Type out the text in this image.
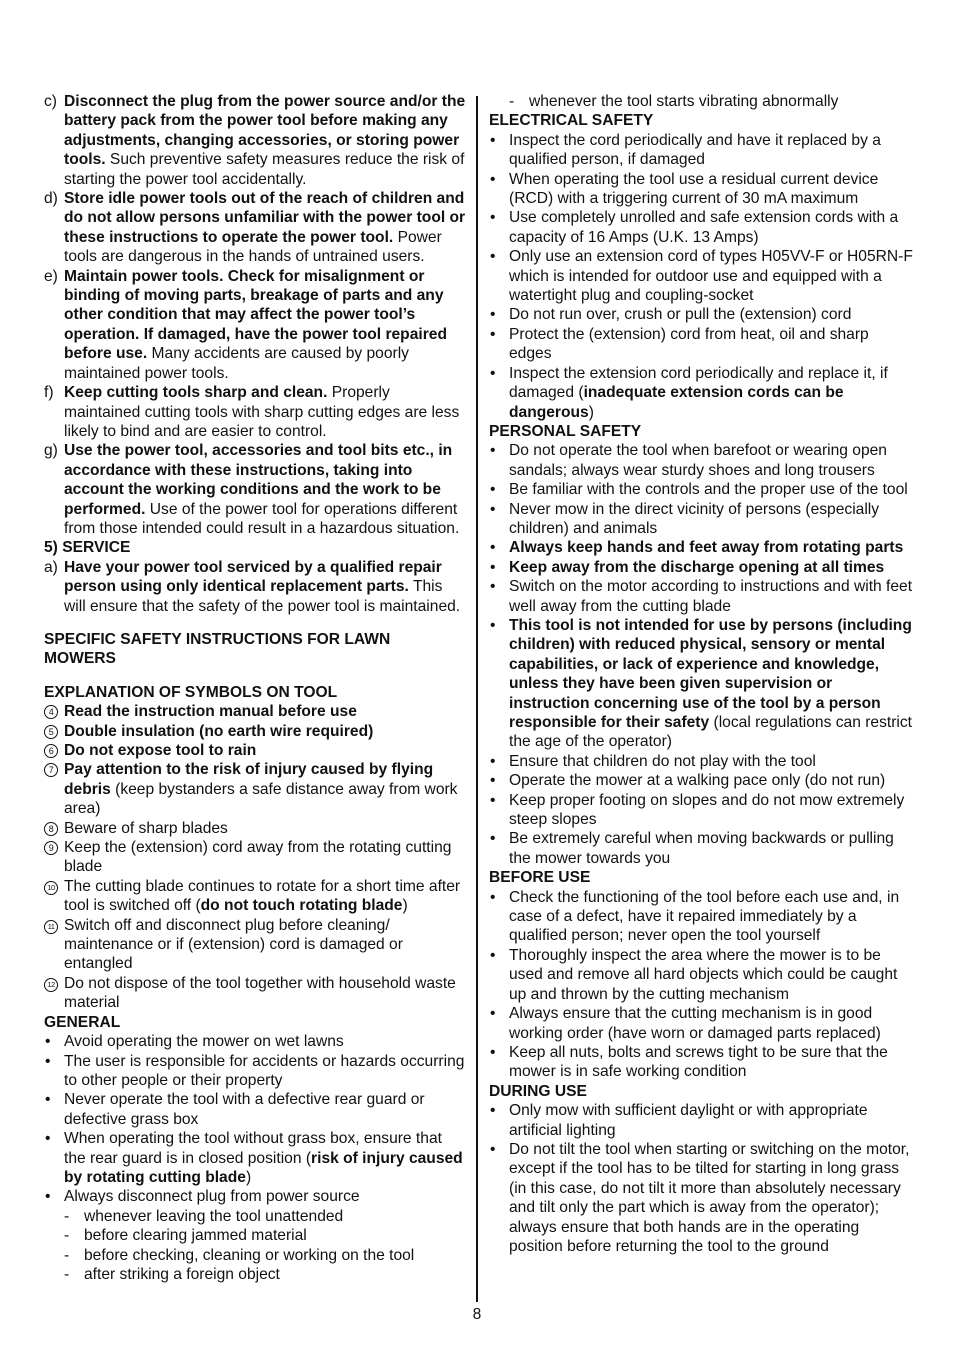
c) Disconnect the plug from the power source and/or the battery pack from the power tool before making any adjustments, changing accessories, or storing power tools. Such preventive safety measures reduce the risk of starting the power tool accidentally.
d) Store idle power tools out of the reach of children and do not allow persons unfamiliar with the power tool or these instructions to operate the power tool. Power tools are dangerous in the hands of untrained users.
e) Maintain power tools. Check for misalignment or binding of moving parts, breakage of parts and any other condition that may affect the power tool’s operation. If damaged, have the power tool repaired before use. Many accidents are caused by poorly maintained power tools.
f) Keep cutting tools sharp and clean. Properly maintained cutting tools with sharp cutting edges are less likely to bind and are easier to control.
g) Use the power tool, accessories and tool bits etc., in accordance with these instructions, taking into account the working conditions and the work to be performed. Use of the power tool for operations different from those intended could result in a hazardous situation.
5) SERVICE
a) Have your power tool serviced by a qualified repair person using only identical replacement parts. This will ensure that the safety of the power tool is maintained.
SPECIFIC SAFETY INSTRUCTIONS FOR LAWN MOWERS
EXPLANATION OF SYMBOLS ON TOOL
4 Read the instruction manual before use
5 Double insulation (no earth wire required)
6 Do not expose tool to rain
7 Pay attention to the risk of injury caused by flying debris (keep bystanders a safe distance away from work area)
8 Beware of sharp blades
9 Keep the (extension) cord away from the rotating cutting blade
10 The cutting blade continues to rotate for a short time after tool is switched off (do not touch rotating blade)
11 Switch off and disconnect plug before cleaning/ maintenance or if (extension) cord is damaged or entangled
12 Do not dispose of the tool together with household waste material
GENERAL
• Avoid operating the mower on wet lawns
• The user is responsible for accidents or hazards occurring to other people or their property
• Never operate the tool with a defective rear guard or defective grass box
• When operating the tool without grass box, ensure that the rear guard is in closed position (risk of injury caused by rotating cutting blade)
• Always disconnect plug from power source
- whenever leaving the tool unattended
- before clearing jammed material
- before checking, cleaning or working on the tool
- after striking a foreign object
- whenever the tool starts vibrating abnormally
ELECTRICAL SAFETY
• Inspect the cord periodically and have it replaced by a qualified person, if damaged
• When operating the tool use a residual current device (RCD) with a triggering current of 30 mA maximum
• Use completely unrolled and safe extension cords with a capacity of 16 Amps (U.K. 13 Amps)
• Only use an extension cord of types H05VV-F or H05RN-F which is intended for outdoor use and equipped with a watertight plug and coupling-socket
• Do not run over, crush or pull the (extension) cord
• Protect the (extension) cord from heat, oil and sharp edges
• Inspect the extension cord periodically and replace it, if damaged (inadequate extension cords can be dangerous)
PERSONAL SAFETY
• Do not operate the tool when barefoot or wearing open sandals; always wear sturdy shoes and long trousers
• Be familiar with the controls and the proper use of the tool
• Never mow in the direct vicinity of persons (especially children) and animals
• Always keep hands and feet away from rotating parts
• Keep away from the discharge opening at all times
• Switch on the motor according to instructions and with feet well away from the cutting blade
• This tool is not intended for use by persons (including children) with reduced physical, sensory or mental capabilities, or lack of experience and knowledge, unless they have been given supervision or instruction concerning use of the tool by a person responsible for their safety (local regulations can restrict the age of the operator)
• Ensure that children do not play with the tool
• Operate the mower at a walking pace only (do not run)
• Keep proper footing on slopes and do not mow extremely steep slopes
• Be extremely careful when moving backwards or pulling the mower towards you
BEFORE USE
• Check the functioning of the tool before each use and, in case of a defect, have it repaired immediately by a qualified person; never open the tool yourself
• Thoroughly inspect the area where the mower is to be used and remove all hard objects which could be caught up and thrown by the cutting mechanism
• Always ensure that the cutting mechanism is in good working order (have worn or damaged parts replaced)
• Keep all nuts, bolts and screws tight to be sure that the mower is in safe working condition
DURING USE
• Only mow with sufficient daylight or with appropriate artificial lighting
• Do not tilt the tool when starting or switching on the motor, except if the tool has to be tilted for starting in long grass (in this case, do not tilt it more than absolutely necessary and tilt only the part which is away from the operator); always ensure that both hands are in the operating position before returning the tool to the ground
8
